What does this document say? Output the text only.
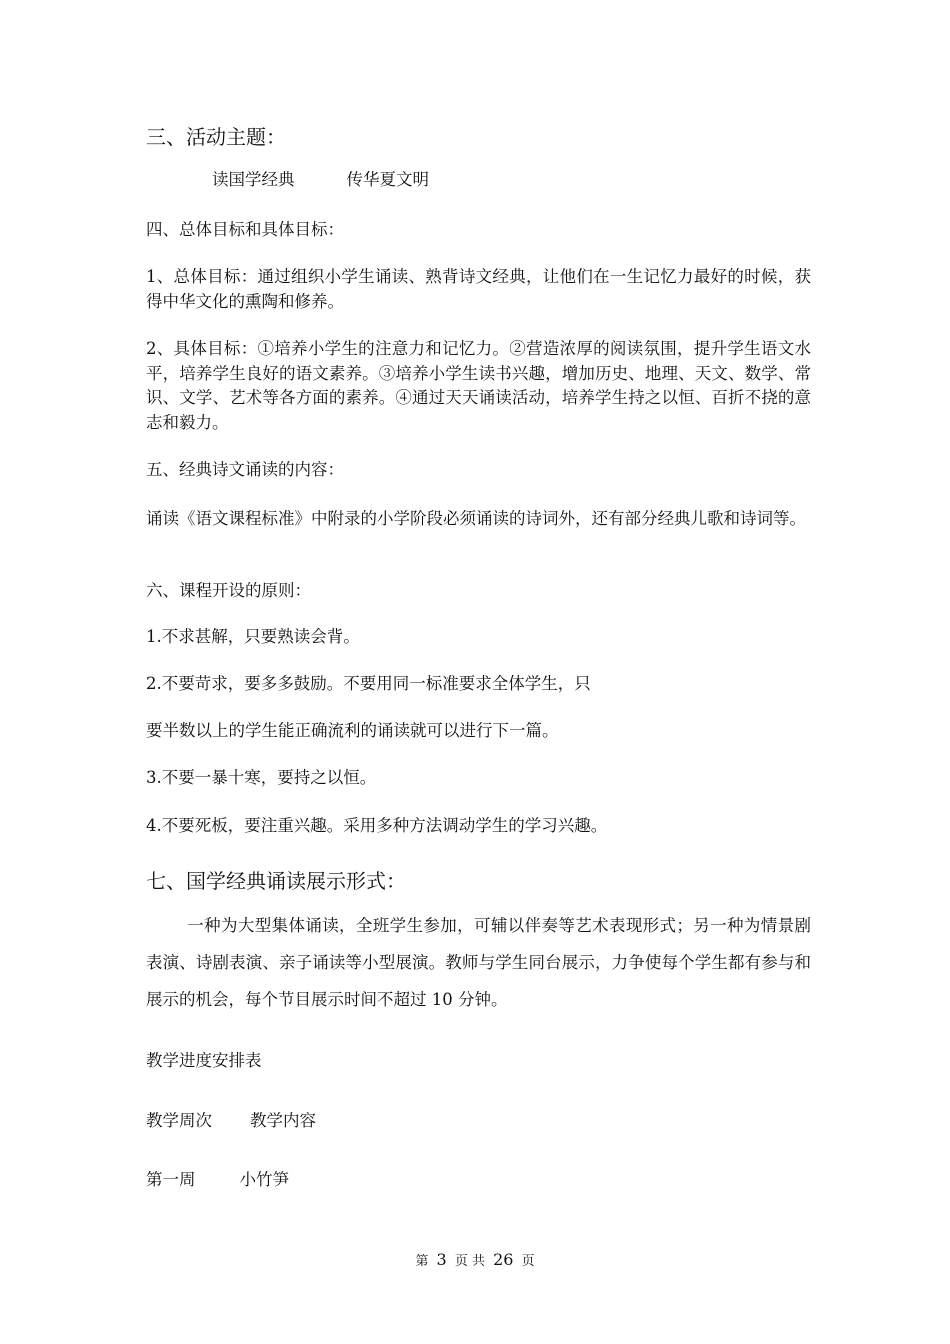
三、活动主题：

读国学经典	传华夏文明

四、总体目标和具体目标：

1、总体目标：通过组织小学生诵读、熟背诗文经典，让他们在一生记忆力最好的时候，获得中华文化的熏陶和修养。

2、具体目标：①培养小学生的注意力和记忆力。②营造浓厚的阅读氛围，提升学生语文水平，培养学生良好的语文素养。③培养小学生读书兴趣，增加历史、地理、天文、数学、常识、文学、艺术等各方面的素养。④通过天天诵读活动，培养学生持之以恒、百折不挠的意志和毅力。

五、经典诗文诵读的内容：

诵读《语文课程标准》中附录的小学阶段必须诵读的诗词外，还有部分经典儿歌和诗词等。

六、课程开设的原则：

1.不求甚解，只要熟读会背。

2.不要苛求，要多多鼓励。不要用同一标准要求全体学生，只

要半数以上的学生能正确流利的诵读就可以进行下一篇。

3.不要一暴十寒，要持之以恒。

4.不要死板，要注重兴趣。采用多种方法调动学生的学习兴趣。

七、国学经典诵读展示形式：

一种为大型集体诵读，全班学生参加，可辅以伴奏等艺术表现形式；另一种为情景剧表演、诗剧表演、亲子诵读等小型展演。教师与学生同台展示，力争使每个学生都有参与和展示的机会，每个节目展示时间不超过 10 分钟。

教学进度安排表

教学周次 教学内容

第一周	小竹笋

第 3 页 共 26 页
